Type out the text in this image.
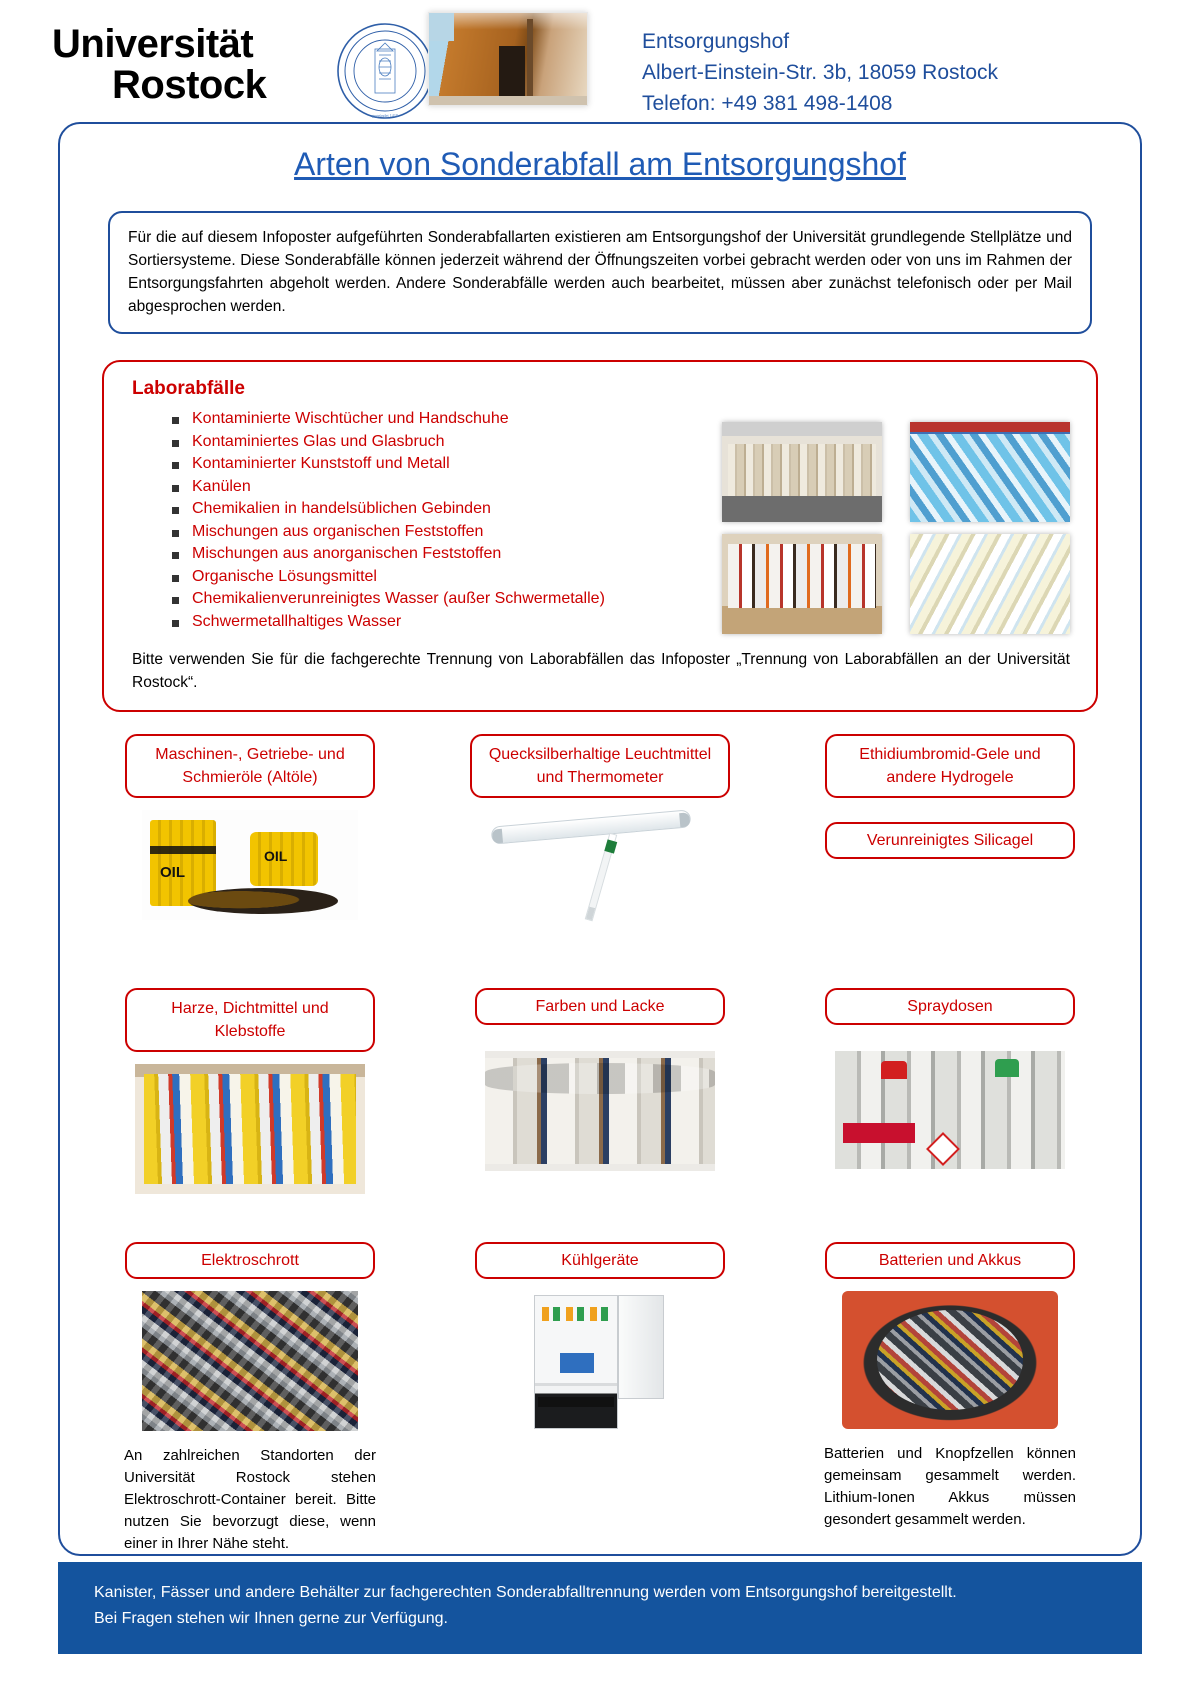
Universität
Rostock
gegründet 1419
Entsorgungshof
Albert-Einstein-Str. 3b, 18059 Rostock
Telefon: +49 381 498-1408
Arten von Sonderabfall am Entsorgungshof

Für die auf diesem Infoposter aufgeführten Sonderabfallarten existieren am Entsorgungshof der Universität grundlegende Stellplätze und Sortiersysteme. Diese Sonderabfälle können jederzeit während der Öffnungszeiten vorbei gebracht werden oder von uns im Rahmen der Entsorgungsfahrten abgeholt werden. Andere Sonderabfälle werden auch bearbeitet, müssen aber zunächst telefonisch oder per Mail abgesprochen werden.

Laborabfälle
Kontaminierte Wischtücher und Handschuhe
Kontaminiertes Glas und Glasbruch
Kontaminierter Kunststoff und Metall
Kanülen
Chemikalien in handelsüblichen Gebinden
Mischungen aus organischen Feststoffen
Mischungen aus anorganischen Feststoffen
Organische Lösungsmittel
Chemikalienverunreinigtes Wasser (außer Schwermetalle)
Schwermetallhaltiges Wasser
Bitte verwenden Sie für die fachgerechte Trennung von Laborabfällen das Infoposter „Trennung von Laborabfällen an der Universität Rostock“.
Maschinen-, Getriebe- und Schmieröle (Altöle)
OIL
OIL
Quecksilberhaltige Leuchtmittel und Thermometer
Ethidiumbromid-Gele und andere Hydrogele
Verunreinigtes Silicagel
Harze, Dichtmittel und Klebstoffe
Farben und Lacke	Spraydosen
Elektroschrott
An zahlreichen Standorten der Universität Rostock stehen Elektroschrott-Container bereit. Bitte nutzen Sie bevorzugt diese, wenn einer in Ihrer Nähe steht.
Kühlgeräte	Batterien und Akkus
Batterien und Knopfzellen können gemeinsam gesammelt werden. Lithium-Ionen Akkus müssen gesondert gesammelt werden.

Kanister, Fässer und andere Behälter zur fachgerechten Sonderabfalltrennung werden vom Entsorgungshof bereitgestellt.

Bei Fragen stehen wir Ihnen gerne zur Verfügung.
